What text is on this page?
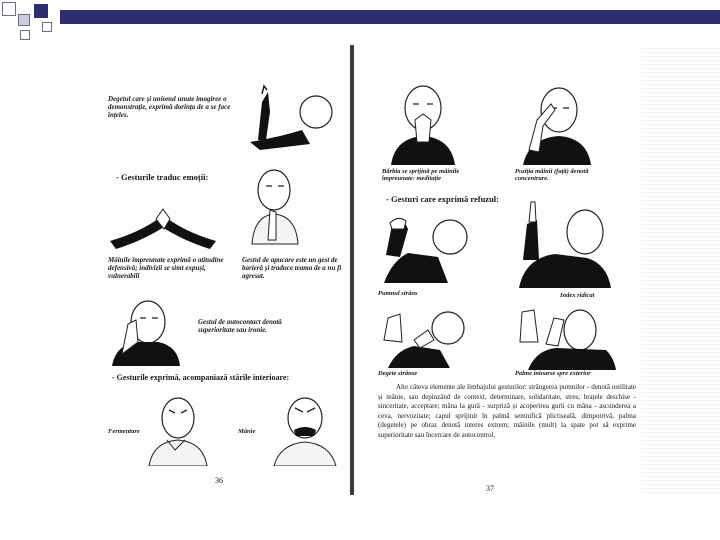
Degetul care și unionul unute imagiree o demonstrație, exprimă dorința de a se face înțeles.
- Gesturile traduc emoții:
Mâinile împreunate exprimă o atitudine defensivă; indivizii se simt expuși, vulnerabili
Gestul de apucare este un gest de barieră și traduce teama de a nu fi agresat.
Gestul de autocontact denotă superioritate sau ironie.
- Gesturile exprimă, acompaniază stările interioare:
Fermentare	Mânie
36
Bărbia se sprijină pe mâinile împreunate: meditație
Poziția mâinii (față) denotă concentrare.
- Gesturi care exprimă refuzul:
Pumnul strâns	Index ridicat
Degete strânse	Palme întoarse spre exterior
Alte câteva elemente ale limbajului gesturilor: strângerea pumnilor - denotă ostilitate și mânie, sau depinzând de context, determinare, solidaritate, stres; brațele deschise - sinceritate, acceptare; mâna la gură - surpriză și acoperirea gurii cu mâna - ascunderea a ceva, nervozitate; capul sprijinit în palmă semnifică plictiseală, dimpotrivă, palma (degetele) pe obraz denotă interes extrem; mâinile (mult) la spate pot să exprime superioritate sau încercare de autocontrol.
37
